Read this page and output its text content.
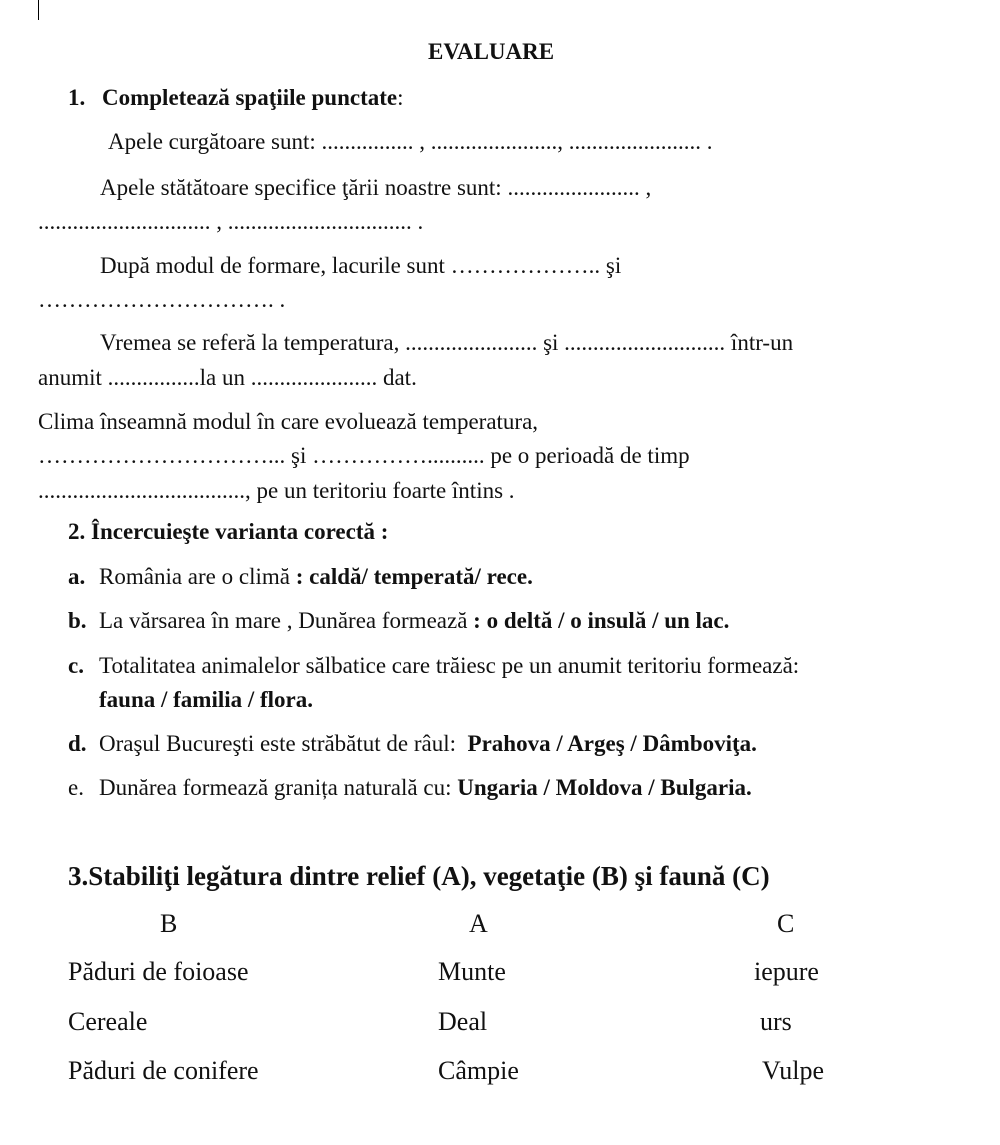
EVALUARE
1. Completează spaţiile punctate:
Apele curgătoare sunt: ................ , ......................, ....................... .
Apele stătătoare specifice ţării noastre sunt: ....................... ,
.............................. , ................................ .
După modul de formare, lacurile sunt ……………….. şi
…………………………. .
Vremea se referă la temperatura, ....................... şi ............................ într-un
anumit ................la un ...................... dat.
Clima înseamnă modul în care evoluează temperatura,
…………………………... şi …………….......... pe o perioadă de timp
...................................., pe un teritoriu foarte întins .
2. Încercuieşte varianta corectă :
a. România are o climă : caldă/ temperată/ rece.
b. La vărsarea în mare , Dunărea formează : o deltă / o insulă / un lac.
c. Totalitatea animalelor sălbatice care trăiesc pe un anumit teritoriu formează:
fauna / familia / flora.
d. Oraşul Bucureşti este străbătut de râul: Prahova / Argeş / Dâmboviţa.
e. Dunărea formează granița naturală cu: Ungaria / Moldova / Bulgaria.
3.Stabiliţi legătura dintre relief (A), vegetaţie (B) şi faună (C)
B	A	C
Păduri de foioase	Munte	iepure
Cereale	Deal	urs
Păduri de conifere	Câmpie	Vulpe
